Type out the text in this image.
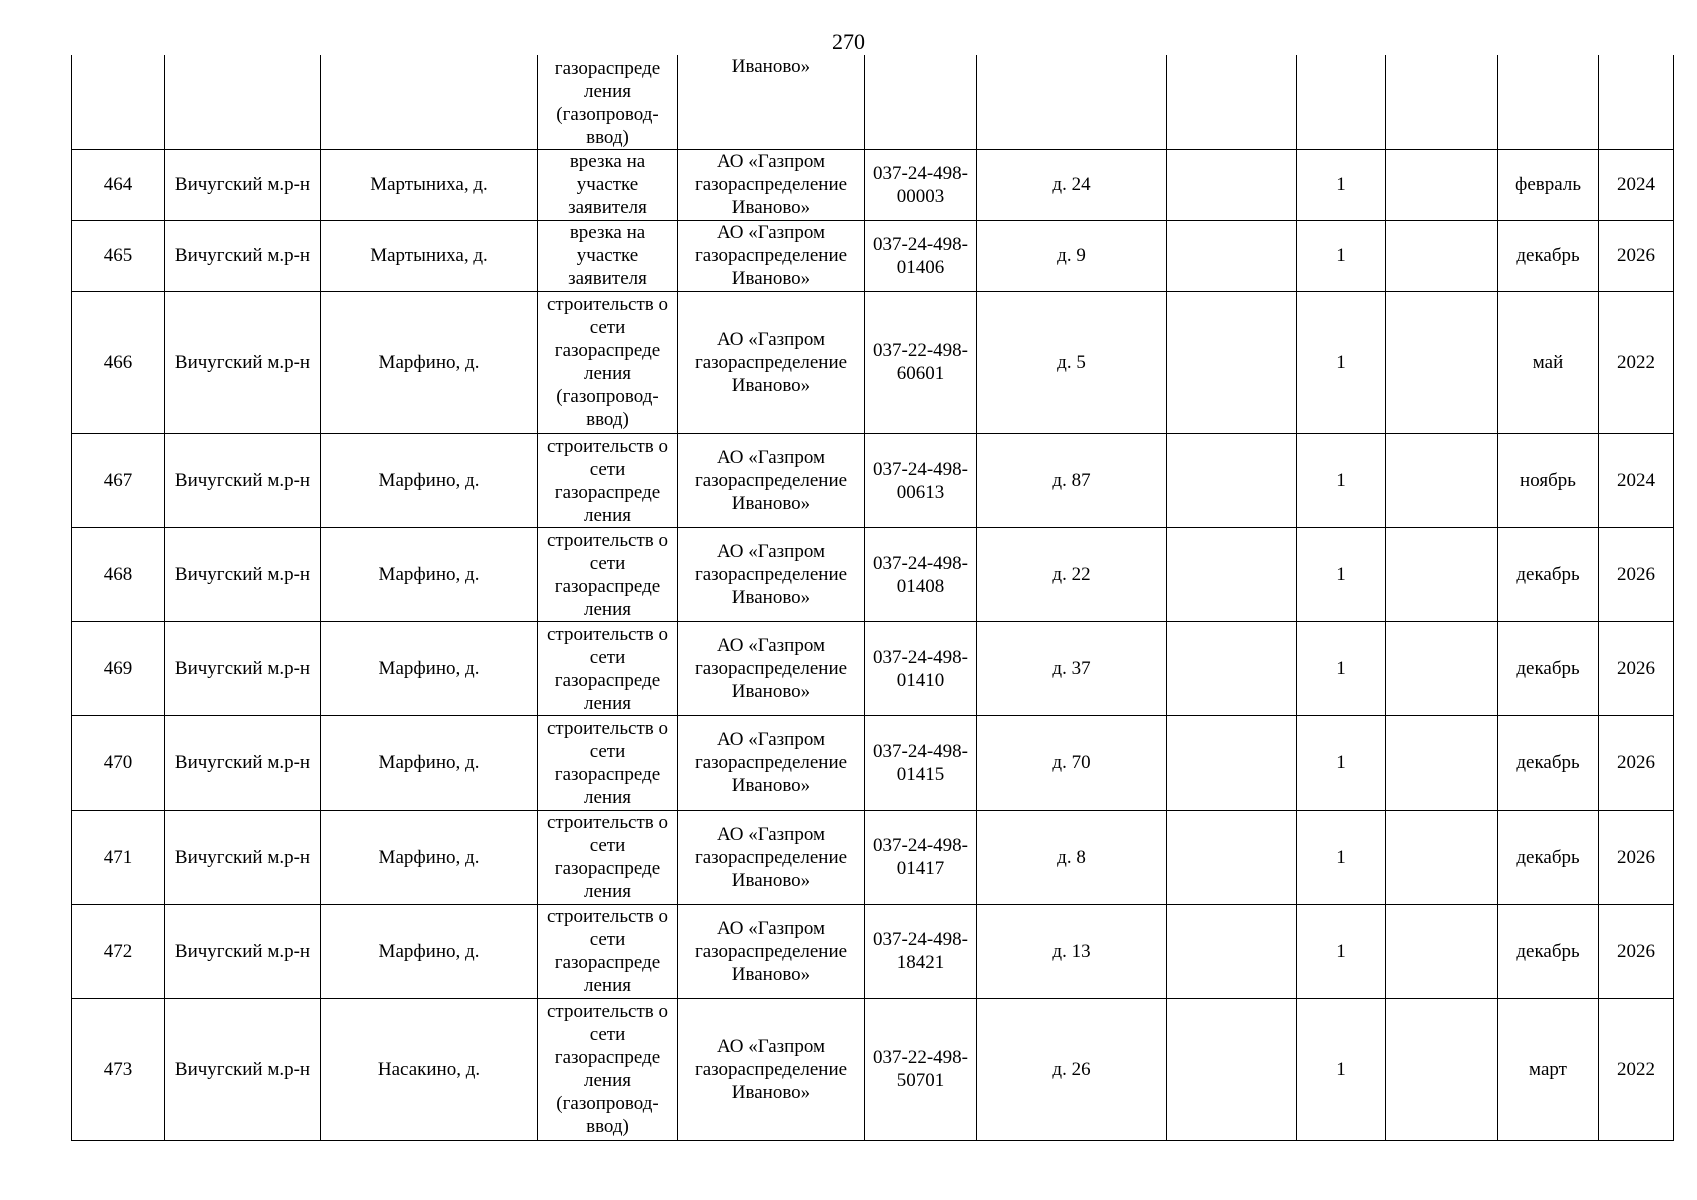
270
			газораспреде ления (газопровод-ввод)	Иваново»							
464	Вичугский м.р-н	Мартыниха, д.	врезка на участке заявителя	АО «Газпром газораспределение Иваново»	037-24-498-00003	д. 24		1		февраль	2024
465	Вичугский м.р-н	Мартыниха, д.	врезка на участке заявителя	АО «Газпром газораспределение Иваново»	037-24-498-01406	д. 9		1		декабрь	2026
466	Вичугский м.р-н	Марфино, д.	строительств о сети газораспреде ления (газопровод-ввод)	АО «Газпром газораспределение Иваново»	037-22-498-60601	д. 5		1		май	2022
467	Вичугский м.р-н	Марфино, д.	строительств о сети газораспреде ления	АО «Газпром газораспределение Иваново»	037-24-498-00613	д. 87		1		ноябрь	2024
468	Вичугский м.р-н	Марфино, д.	строительств о сети газораспреде ления	АО «Газпром газораспределение Иваново»	037-24-498-01408	д. 22		1		декабрь	2026
469	Вичугский м.р-н	Марфино, д.	строительств о сети газораспреде ления	АО «Газпром газораспределение Иваново»	037-24-498-01410	д. 37		1		декабрь	2026
470	Вичугский м.р-н	Марфино, д.	строительств о сети газораспреде ления	АО «Газпром газораспределение Иваново»	037-24-498-01415	д. 70		1		декабрь	2026
471	Вичугский м.р-н	Марфино, д.	строительств о сети газораспреде ления	АО «Газпром газораспределение Иваново»	037-24-498-01417	д. 8		1		декабрь	2026
472	Вичугский м.р-н	Марфино, д.	строительств о сети газораспреде ления	АО «Газпром газораспределение Иваново»	037-24-498-18421	д. 13		1		декабрь	2026
473	Вичугский м.р-н	Насакино, д.	строительств о сети газораспреде ления (газопровод-ввод)	АО «Газпром газораспределение Иваново»	037-22-498-50701	д. 26		1		март	2022
